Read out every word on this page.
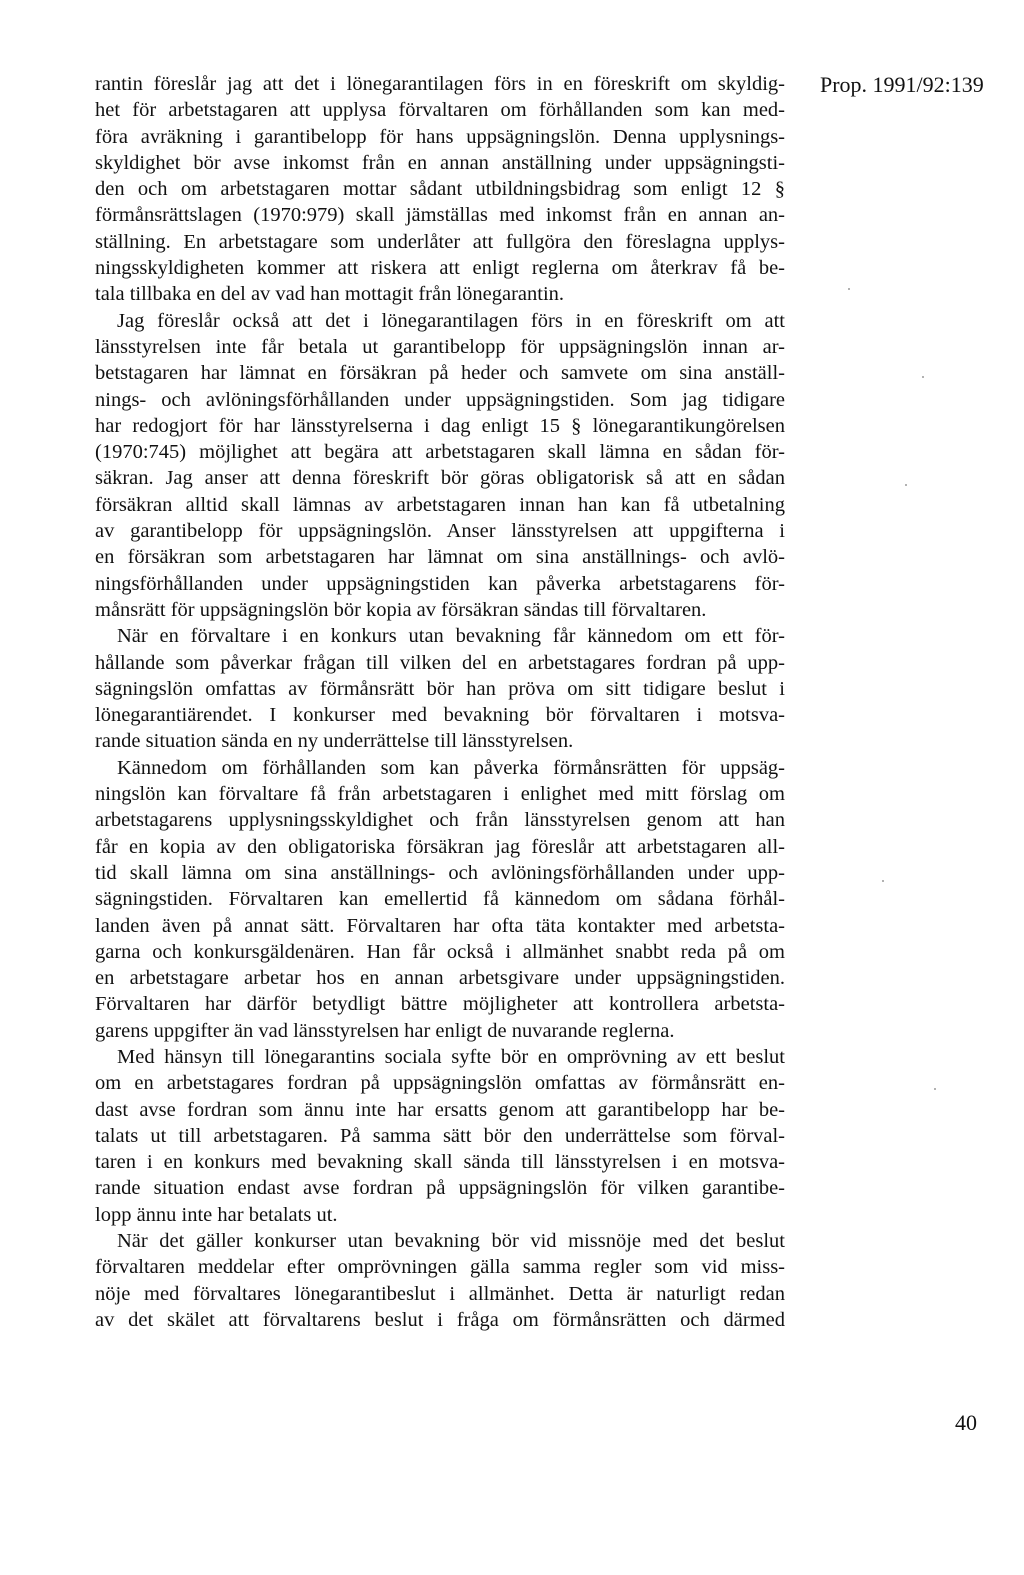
Prop. 1991/92:139
rantin föreslår jag att det i lönegarantilagen förs in en föreskrift om skyldig-
het för arbetstagaren att upplysa förvaltaren om förhållanden som kan med-
föra avräkning i garantibelopp för hans uppsägningslön. Denna upplysnings-
skyldighet bör avse inkomst från en annan anställning under uppsägningsti-
den och om arbetstagaren mottar sådant utbildningsbidrag som enligt 12 §
förmånsrättslagen (1970:979) skall jämställas med inkomst från en annan an-
ställning. En arbetstagare som underlåter att fullgöra den föreslagna upplys-
ningsskyldigheten kommer att riskera att enligt reglerna om återkrav få be-
tala tillbaka en del av vad han mottagit från lönegarantin.
Jag föreslår också att det i lönegarantilagen förs in en föreskrift om att
länsstyrelsen inte får betala ut garantibelopp för uppsägningslön innan ar-
betstagaren har lämnat en försäkran på heder och samvete om sina anställ-
nings- och avlöningsförhållanden under uppsägningstiden. Som jag tidigare
har redogjort för har länsstyrelserna i dag enligt 15 § lönegarantikungörelsen
(1970:745) möjlighet att begära att arbetstagaren skall lämna en sådan för-
säkran. Jag anser att denna föreskrift bör göras obligatorisk så att en sådan
försäkran alltid skall lämnas av arbetstagaren innan han kan få utbetalning
av garantibelopp för uppsägningslön. Anser länsstyrelsen att uppgifterna i
en försäkran som arbetstagaren har lämnat om sina anställnings- och avlö-
ningsförhållanden under uppsägningstiden kan påverka arbetstagarens för-
månsrätt för uppsägningslön bör kopia av försäkran sändas till förvaltaren.
När en förvaltare i en konkurs utan bevakning får kännedom om ett för-
hållande som påverkar frågan till vilken del en arbetstagares fordran på upp-
sägningslön omfattas av förmånsrätt bör han pröva om sitt tidigare beslut i
lönegarantiärendet. I konkurser med bevakning bör förvaltaren i motsva-
rande situation sända en ny underrättelse till länsstyrelsen.
Kännedom om förhållanden som kan påverka förmånsrätten för uppsäg-
ningslön kan förvaltare få från arbetstagaren i enlighet med mitt förslag om
arbetstagarens upplysningsskyldighet och från länsstyrelsen genom att han
får en kopia av den obligatoriska försäkran jag föreslår att arbetstagaren all-
tid skall lämna om sina anställnings- och avlöningsförhållanden under upp-
sägningstiden. Förvaltaren kan emellertid få kännedom om sådana förhål-
landen även på annat sätt. Förvaltaren har ofta täta kontakter med arbetsta-
garna och konkursgäldenären. Han får också i allmänhet snabbt reda på om
en arbetstagare arbetar hos en annan arbetsgivare under uppsägningstiden.
Förvaltaren har därför betydligt bättre möjligheter att kontrollera arbetsta-
garens uppgifter än vad länsstyrelsen har enligt de nuvarande reglerna.
Med hänsyn till lönegarantins sociala syfte bör en omprövning av ett beslut
om en arbetstagares fordran på uppsägningslön omfattas av förmånsrätt en-
dast avse fordran som ännu inte har ersatts genom att garantibelopp har be-
talats ut till arbetstagaren. På samma sätt bör den underrättelse som förval-
taren i en konkurs med bevakning skall sända till länsstyrelsen i en motsva-
rande situation endast avse fordran på uppsägningslön för vilken garantibe-
lopp ännu inte har betalats ut.
När det gäller konkurser utan bevakning bör vid missnöje med det beslut
förvaltaren meddelar efter omprövningen gälla samma regler som vid miss-
nöje med förvaltares lönegarantibeslut i allmänhet. Detta är naturligt redan
av det skälet att förvaltarens beslut i fråga om förmånsrätten och därmed
40
